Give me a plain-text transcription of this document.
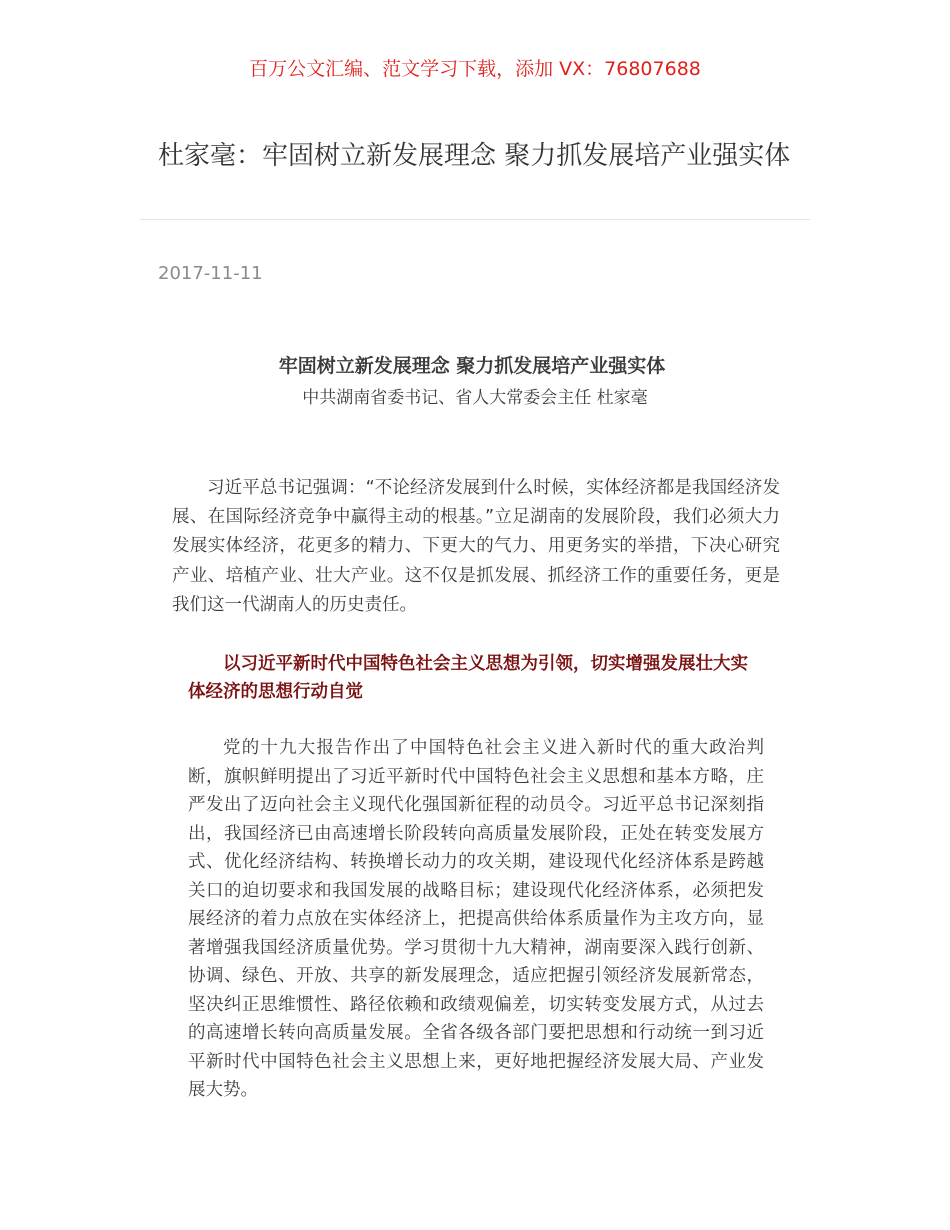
百万公文汇编、范文学习下载，添加 VX：76807688
杜家毫：牢固树立新发展理念 聚力抓发展培产业强实体
2017-11-11
牢固树立新发展理念 聚力抓发展培产业强实体
中共湖南省委书记、省人大常委会主任 杜家毫

习近平总书记强调：“不论经济发展到什么时候，实体经济都是我国经济发展、在国际经济竞争中赢得主动的根基。”立足湖南的发展阶段，我们必须大力发展实体经济，花更多的精力、下更大的气力、用更务实的举措，下决心研究产业、培植产业、壮大产业。这不仅是抓发展、抓经济工作的重要任务，更是我们这一代湖南人的历史责任。

以习近平新时代中国特色社会主义思想为引领，切实增强发展壮大实体经济的思想行动自觉

党的十九大报告作出了中国特色社会主义进入新时代的重大政治判断，旗帜鲜明提出了习近平新时代中国特色社会主义思想和基本方略，庄严发出了迈向社会主义现代化强国新征程的动员令。习近平总书记深刻指出，我国经济已由高速增长阶段转向高质量发展阶段，正处在转变发展方式、优化经济结构、转换增长动力的攻关期，建设现代化经济体系是跨越关口的迫切要求和我国发展的战略目标；建设现代化经济体系，必须把发展经济的着力点放在实体经济上，把提高供给体系质量作为主攻方向，显著增强我国经济质量优势。学习贯彻十九大精神，湖南要深入践行创新、协调、绿色、开放、共享的新发展理念，适应把握引领经济发展新常态，坚决纠正思维惯性、路径依赖和政绩观偏差，切实转变发展方式，从过去的高速增长转向高质量发展。全省各级各部门要把思想和行动统一到习近平新时代中国特色社会主义思想上来，更好地把握经济发展大局、产业发展大势。
